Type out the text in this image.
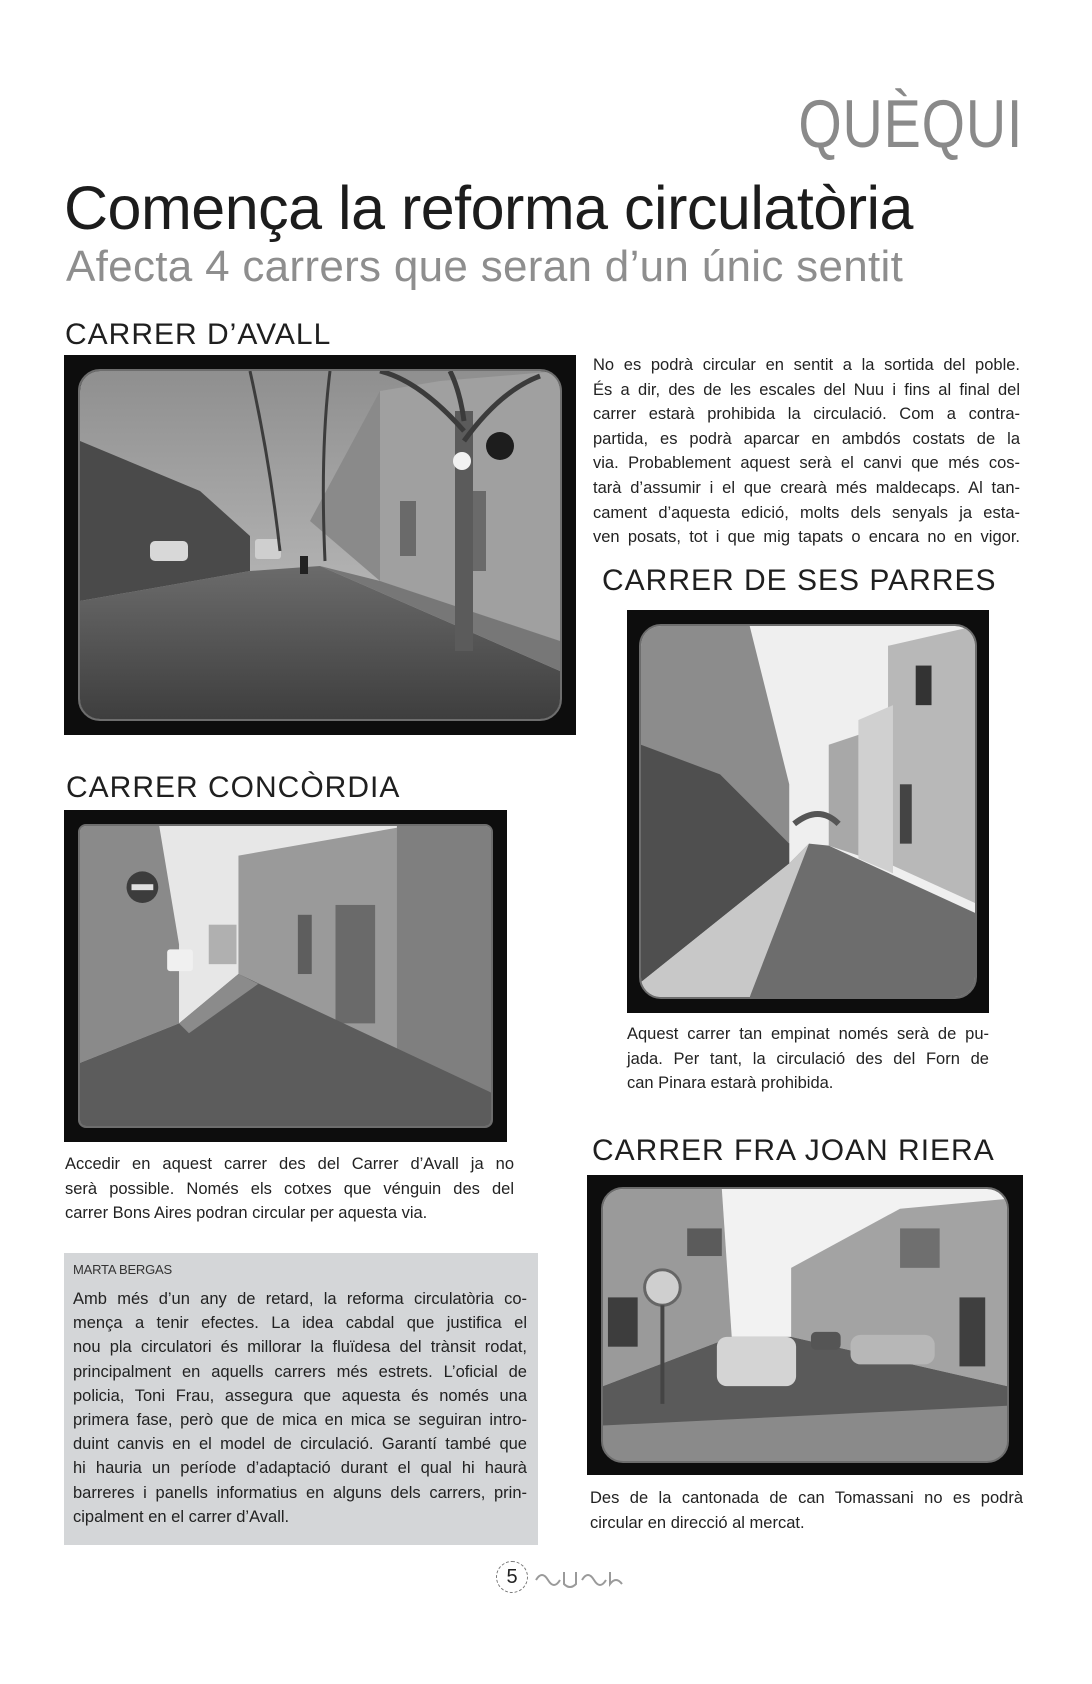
QUÈQUI
Comença la reforma circulatòria
Afecta 4 carrers que seran d’un únic sentit
CARRER D’AVALL
No es podrà circular en sentit a la sortida del poble.
És a dir, des de les escales del Nuu i fins al final del
carrer estarà prohibida la circulació. Com a contra-
partida, es podrà aparcar en ambdós costats de la
via. Probablement aquest serà el canvi que més cos-
tarà d’assumir i el que crearà més maldecaps. Al tan-
cament d’aquesta edició, molts dels senyals ja esta-
ven posats, tot i que mig tapats o encara no en vigor.
CARRER DE SES PARRES
Aquest carrer tan empinat només serà de pu-
jada. Per tant, la circulació des del Forn de
can Pinara estarà prohibida.
CARRER CONCÒRDIA
Accedir en aquest carrer des del Carrer d’Avall ja no
serà possible. Només els cotxes que vénguin des del
carrer Bons Aires podran circular per aquesta via.
MARTA BERGAS
Amb més d’un any de retard, la reforma circulatòria co-
mença a tenir efectes. La idea cabdal que justifica el
nou pla circulatori és millorar la fluïdesa del trànsit rodat,
principalment en aquells carrers més estrets. L’oficial de
policia, Toni Frau, assegura que aquesta és només una
primera fase, però que de mica en mica se seguiran intro-
duint canvis en el model de circulació. Garantí també que
hi hauria un període d’adaptació durant el qual hi haurà
barreres i panells informatius en alguns dels carrers, prin-
cipalment en el carrer d’Avall.
CARRER FRA JOAN RIERA
Des de la cantonada de can Tomassani no es podrà
circular en direcció al mercat.
5
